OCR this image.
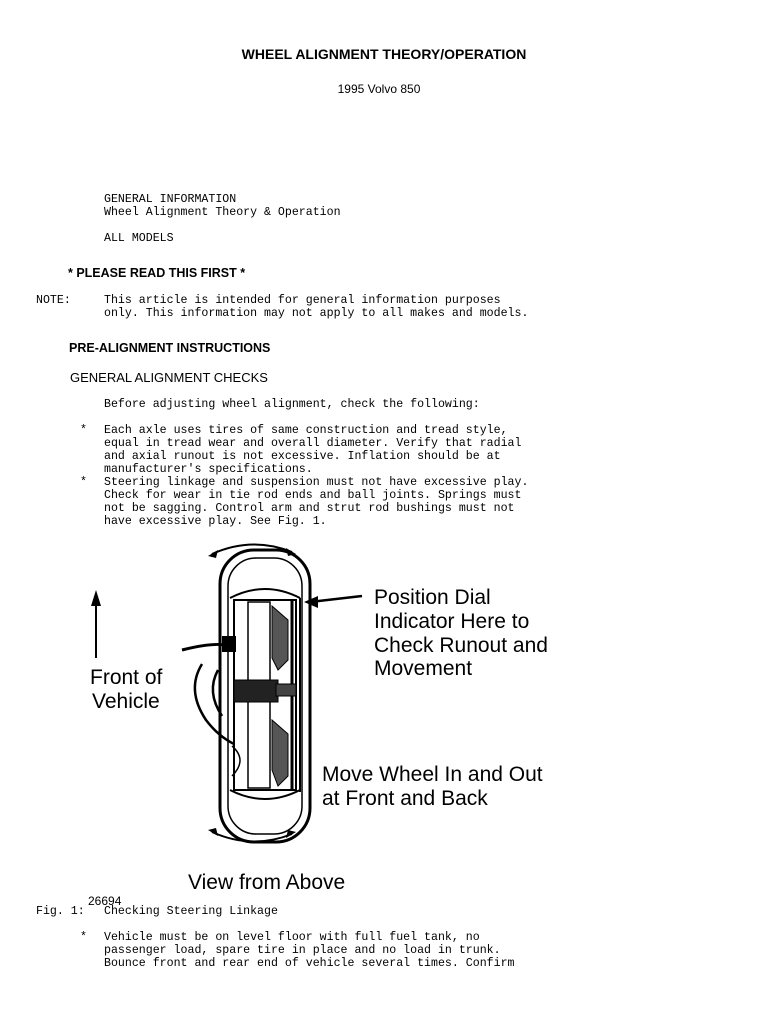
WHEEL ALIGNMENT THEORY/OPERATION
1995 Volvo 850
GENERAL INFORMATION
Wheel Alignment Theory & Operation
ALL MODELS
* PLEASE READ THIS FIRST *
NOTE:	This article is intended for general information purposes
only. This information may not apply to all makes and models.
PRE-ALIGNMENT INSTRUCTIONS
GENERAL ALIGNMENT CHECKS
Before adjusting wheel alignment, check the following:
* Each axle uses tires of same construction and tread style,
equal in tread wear and overall diameter. Verify that radial
and axial runout is not excessive. Inflation should be at
manufacturer's specifications.
* Steering linkage and suspension must not have excessive play.
Check for wear in tie rod ends and ball joints. Springs must
not be sagging. Control arm and strut rod bushings must not
have excessive play. See Fig. 1.
Front of
Vehicle
Position Dial
Indicator Here to
Check Runout and
Movement
Move Wheel In and Out
at Front and Back
View from Above
26694
Fig. 1: Checking Steering Linkage
* Vehicle must be on level floor with full fuel tank, no
passenger load, spare tire in place and no load in trunk.
Bounce front and rear end of vehicle several times. Confirm
